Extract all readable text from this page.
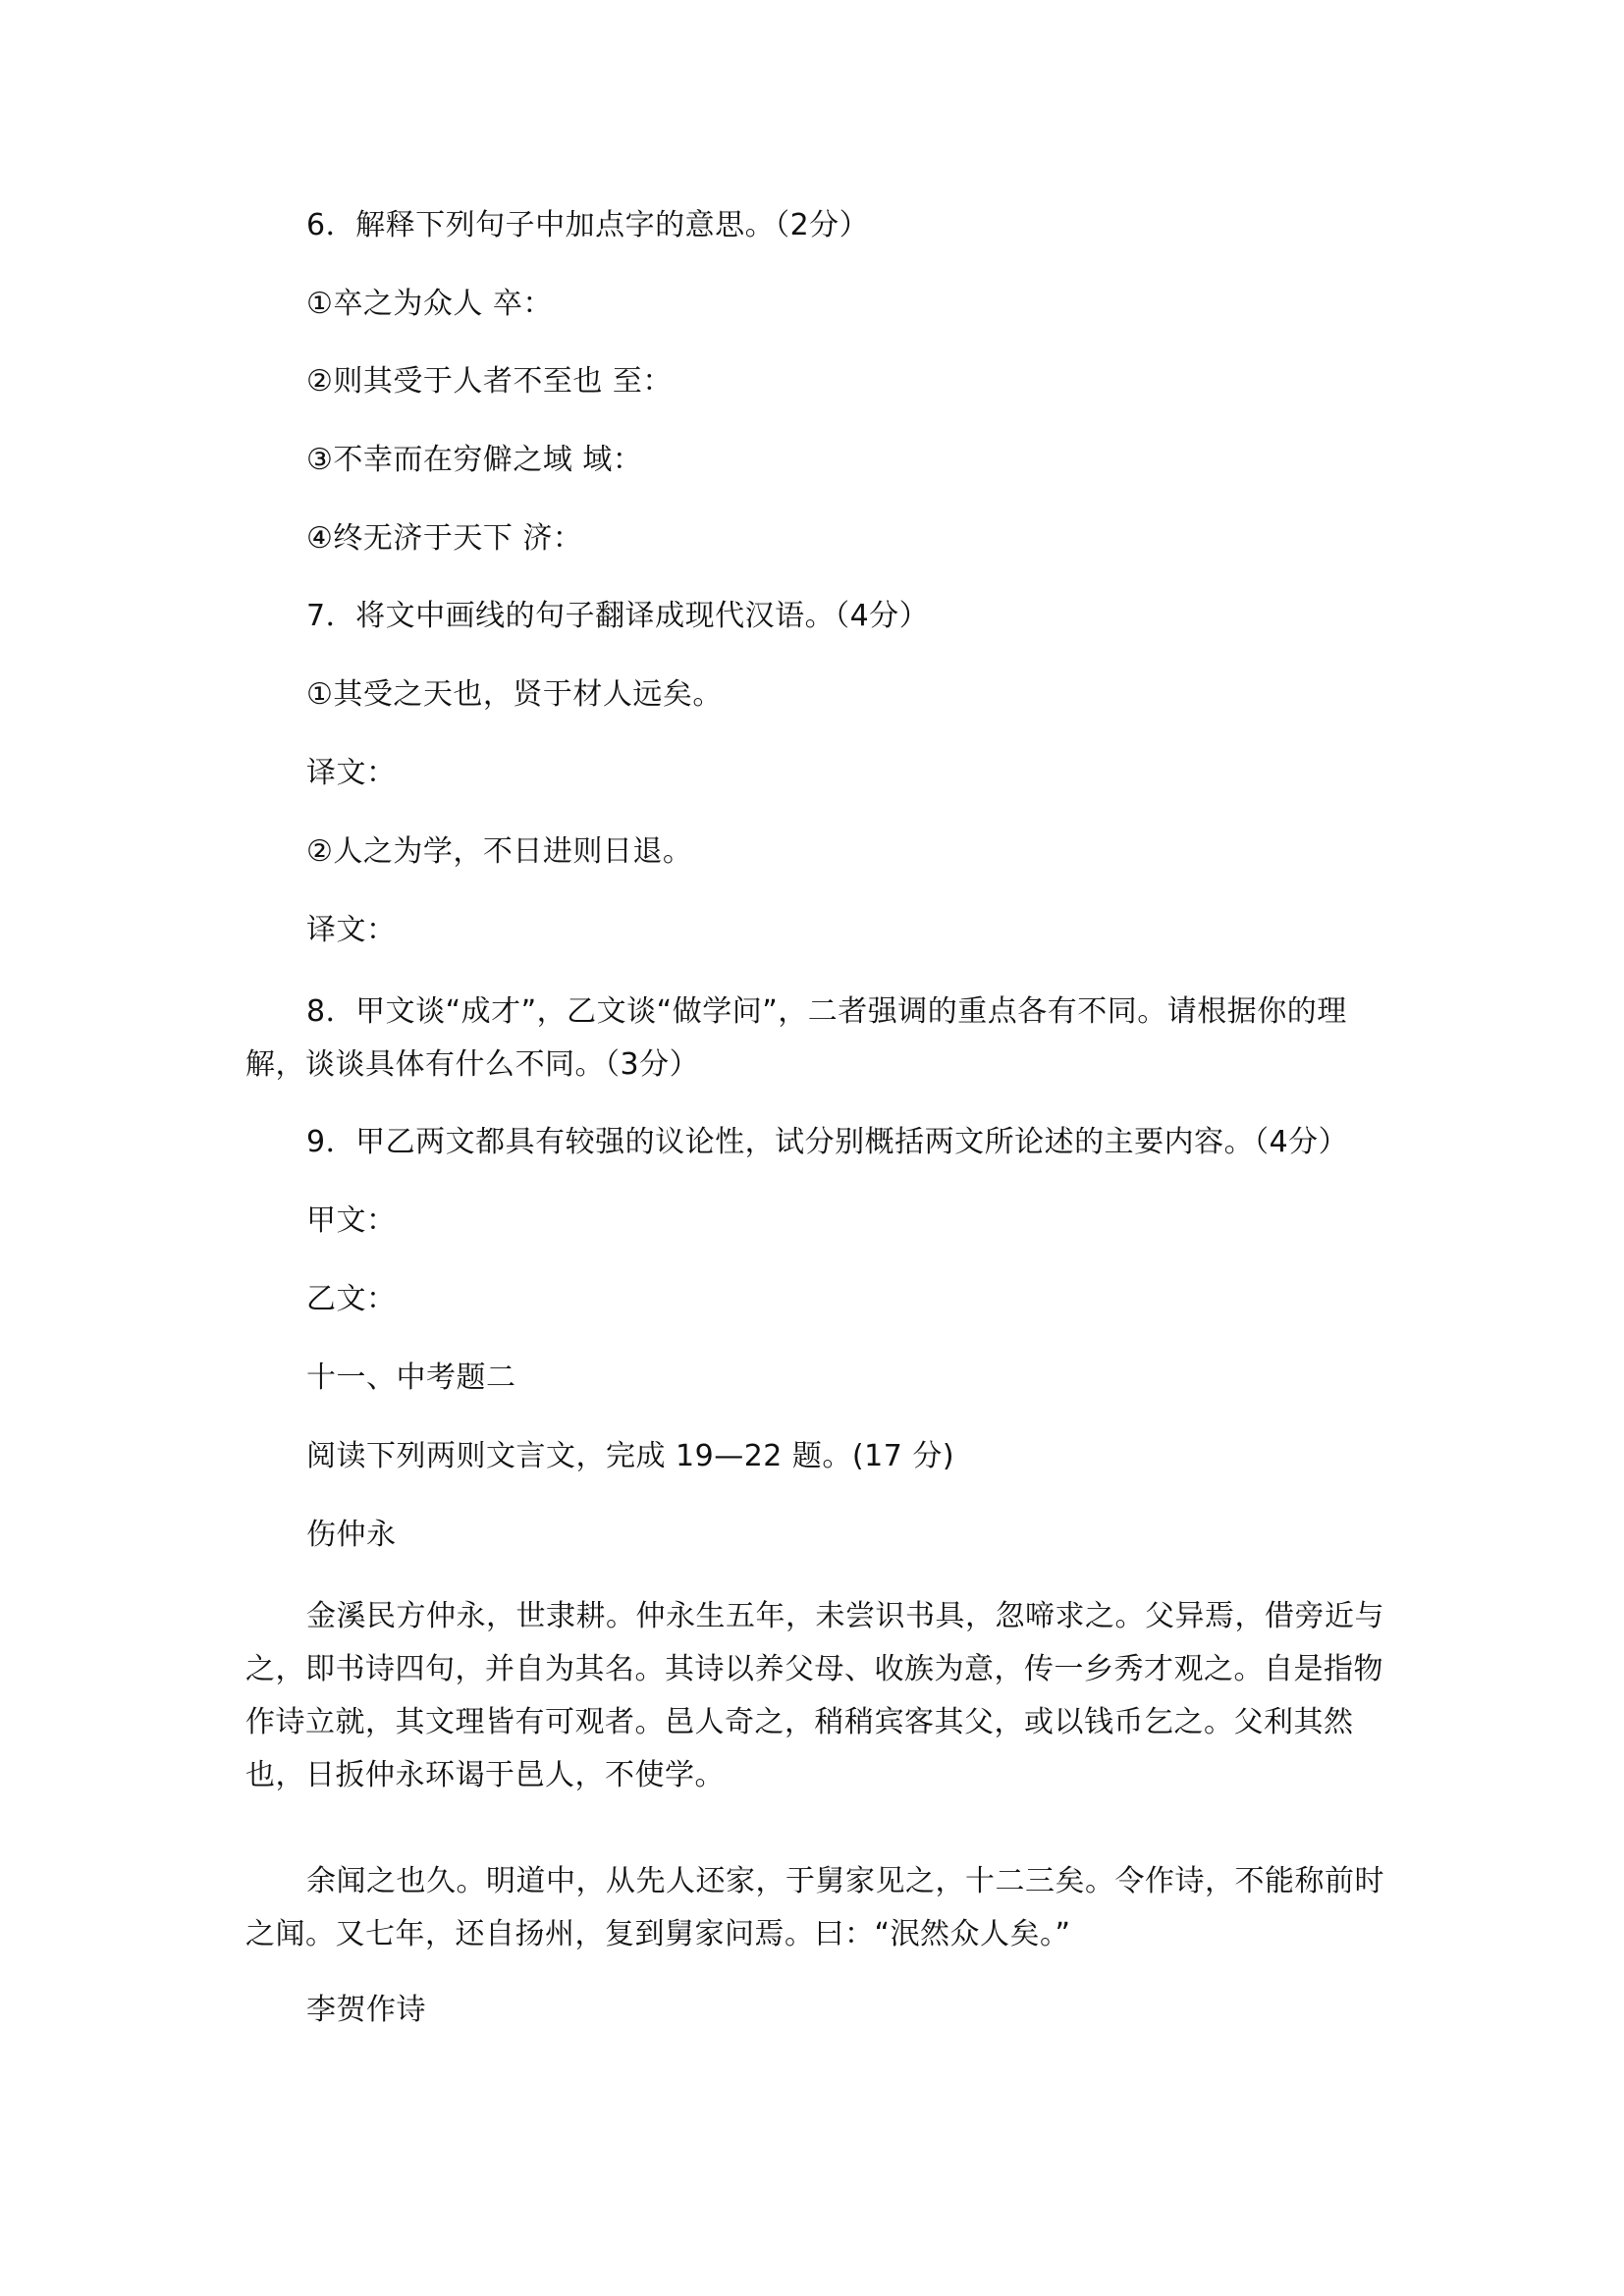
6．解释下列句子中加点字的意思。（2分）
①卒之为众人 卒：
②则其受于人者不至也 至：
③不幸而在穷僻之域 域：
④终无济于天下 济：
7．将文中画线的句子翻译成现代汉语。（4分）
①其受之天也，贤于材人远矣。
译文：
②人之为学，不日进则日退。
译文：
8．甲文谈“成才”，乙文谈“做学问”，二者强调的重点各有不同。请根据你的理解，谈谈具体有什么不同。（3分）
9．甲乙两文都具有较强的议论性，试分别概括两文所论述的主要内容。（4分）
甲文：
乙文：
十一、中考题二
阅读下列两则文言文，完成 19—22 题。(17 分)
伤仲永
金溪民方仲永，世隶耕。仲永生五年，未尝识书具，忽啼求之。父异焉，借旁近与之，即书诗四句，并自为其名。其诗以养父母、收族为意，传一乡秀才观之。自是指物作诗立就，其文理皆有可观者。邑人奇之，稍稍宾客其父，或以钱币乞之。父利其然也，日扳仲永环谒于邑人，不使学。
余闻之也久。明道中，从先人还家，于舅家见之，十二三矣。令作诗，不能称前时之闻。又七年，还自扬州，复到舅家问焉。曰：“泯然众人矣。”
李贺作诗
